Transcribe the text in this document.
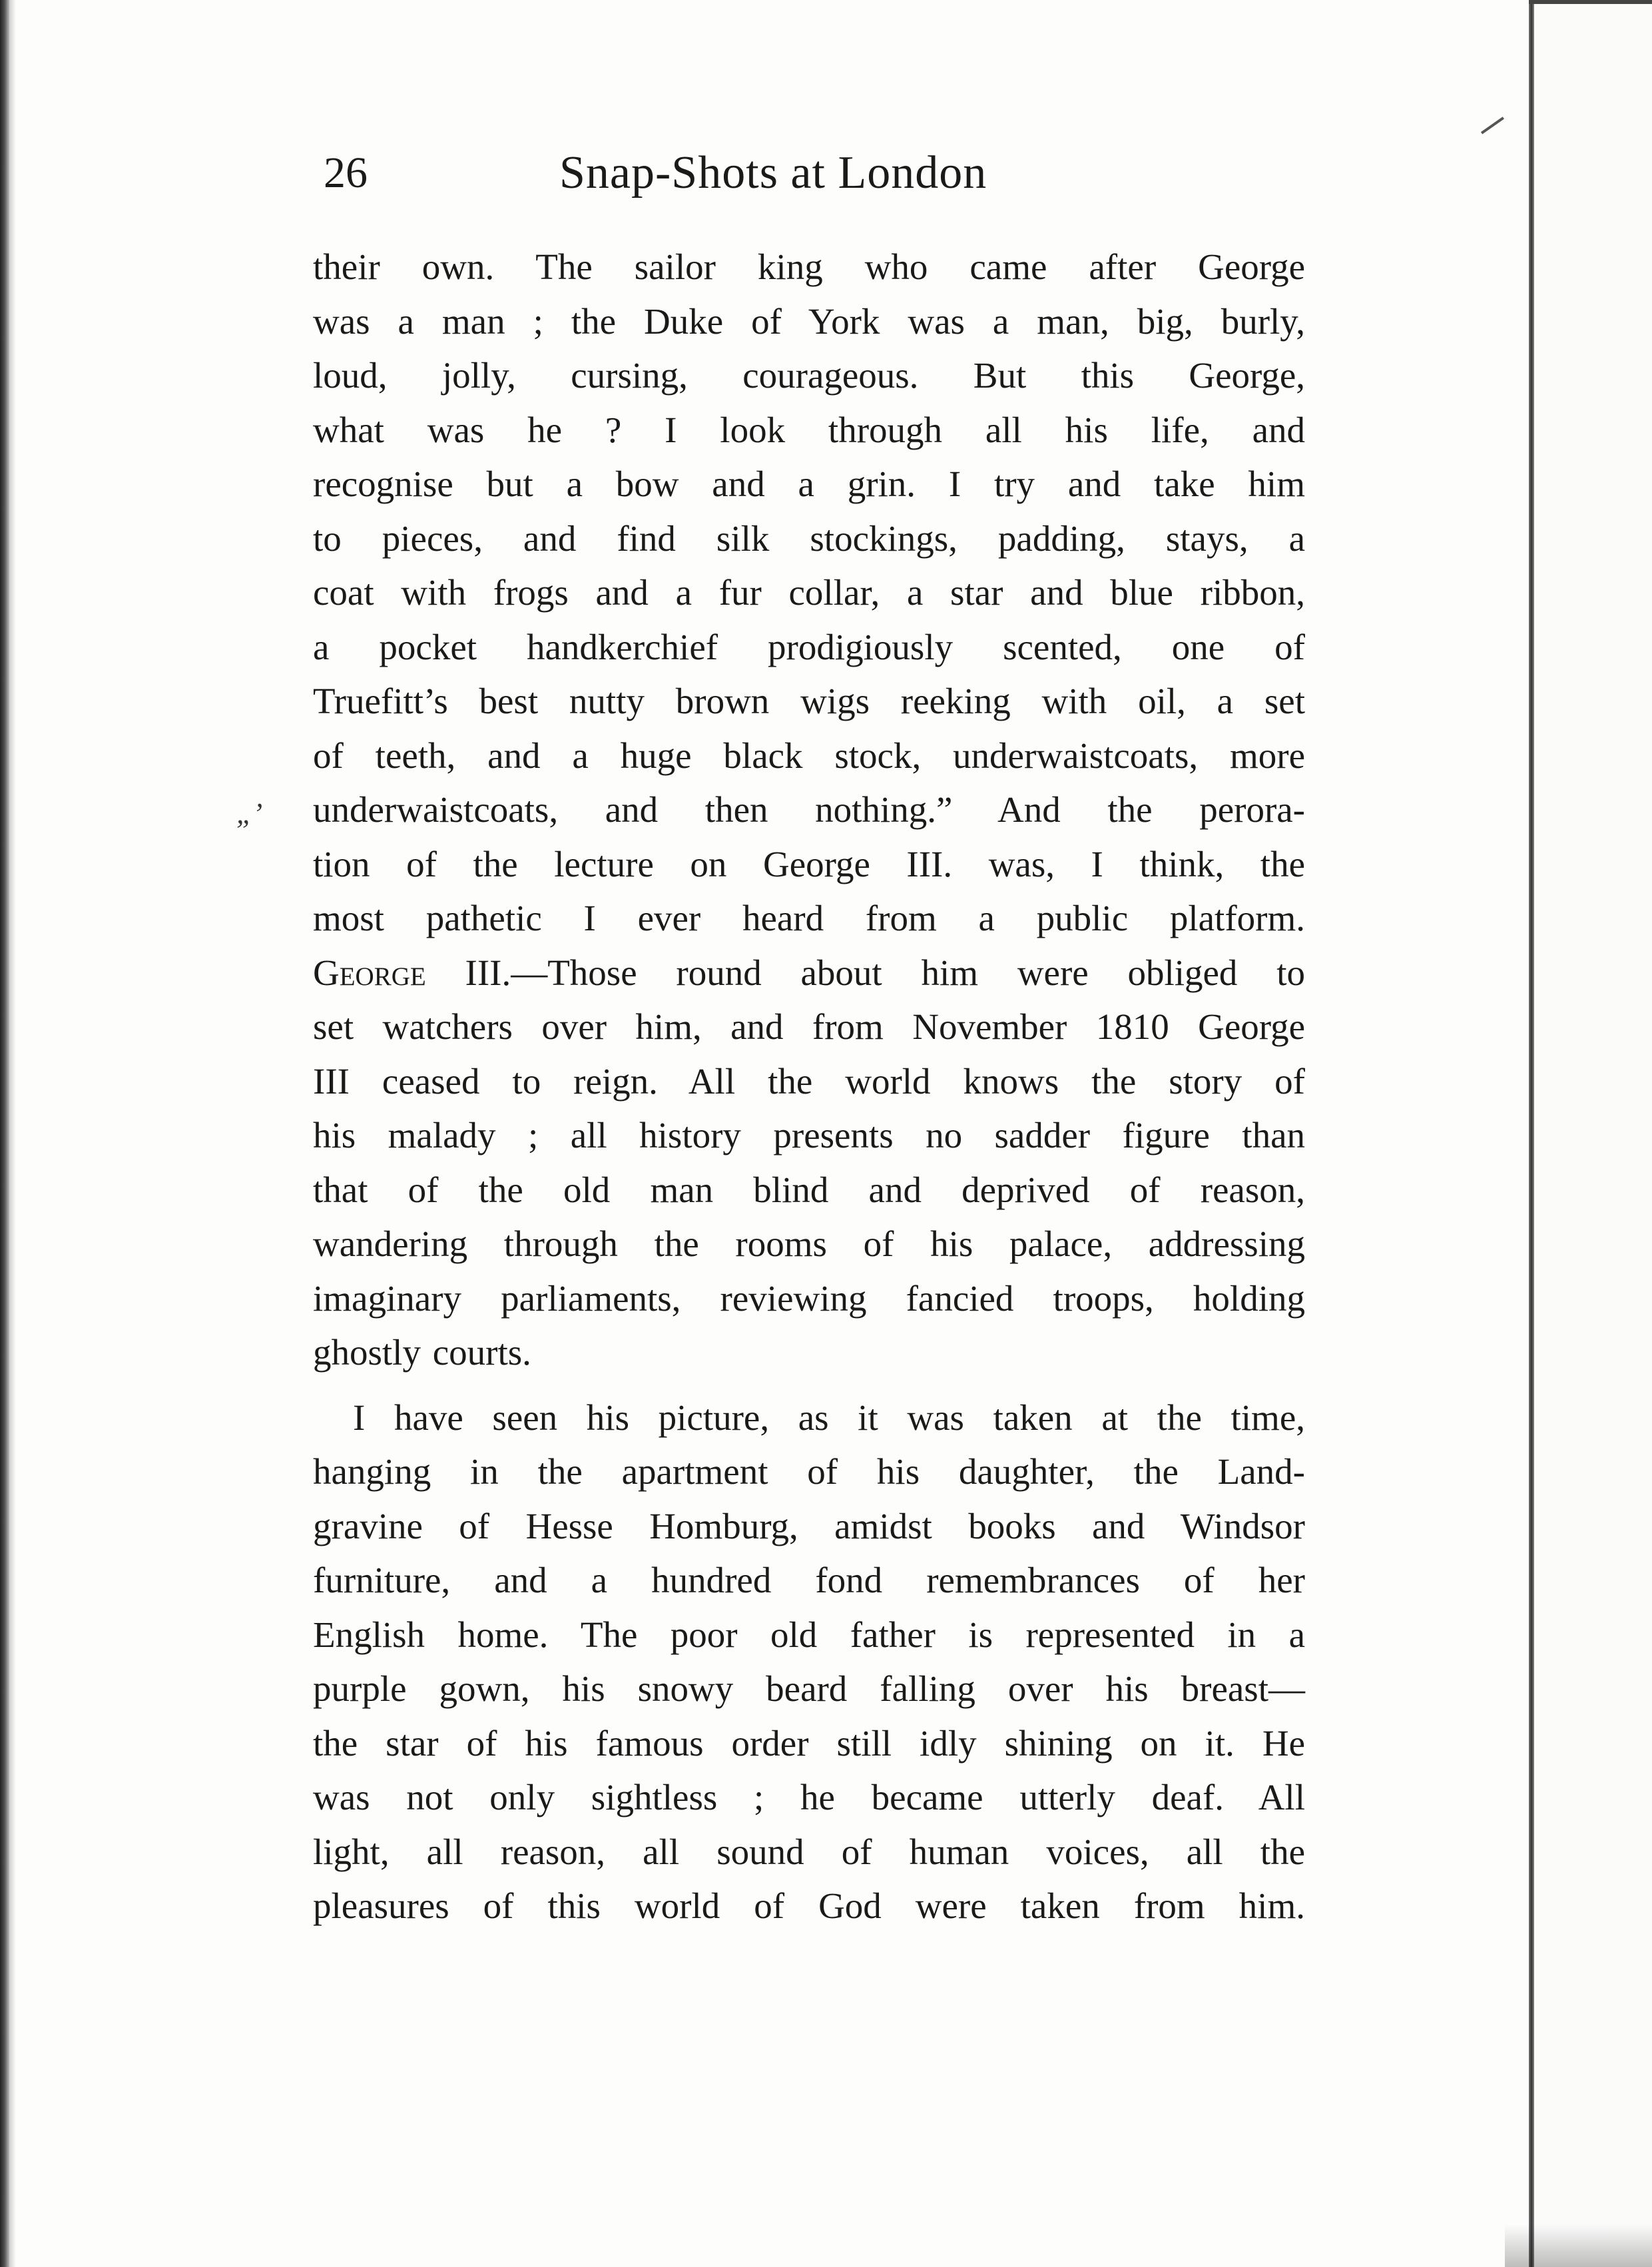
26	Snap-Shots at London
„’
their own. The sailor king who came after George
was a man ; the Duke of York was a man, big, burly,
loud, jolly, cursing, courageous. But this George,
what was he ? I look through all his life, and
recognise but a bow and a grin. I try and take him
to pieces, and find silk stockings, padding, stays, a
coat with frogs and a fur collar, a star and blue ribbon,
a pocket handkerchief prodigiously scented, one of
Truefitt’s best nutty brown wigs reeking with oil, a set
of teeth, and a huge black stock, underwaistcoats, more
underwaistcoats, and then nothing.” And the perora-
tion of the lecture on George III. was, I think, the
most pathetic I ever heard from a public platform.
George III.—Those round about him were obliged to
set watchers over him, and from November 1810 George
III ceased to reign. All the world knows the story of
his malady ; all history presents no sadder figure than
that of the old man blind and deprived of reason,
wandering through the rooms of his palace, addressing
imaginary parliaments, reviewing fancied troops, holding
ghostly courts.
I have seen his picture, as it was taken at the time,
hanging in the apartment of his daughter, the Land-
gravine of Hesse Homburg, amidst books and Windsor
furniture, and a hundred fond remembrances of her
English home. The poor old father is represented in a
purple gown, his snowy beard falling over his breast—
the star of his famous order still idly shining on it. He
was not only sightless ; he became utterly deaf. All
light, all reason, all sound of human voices, all the
pleasures of this world of God were taken from him.
